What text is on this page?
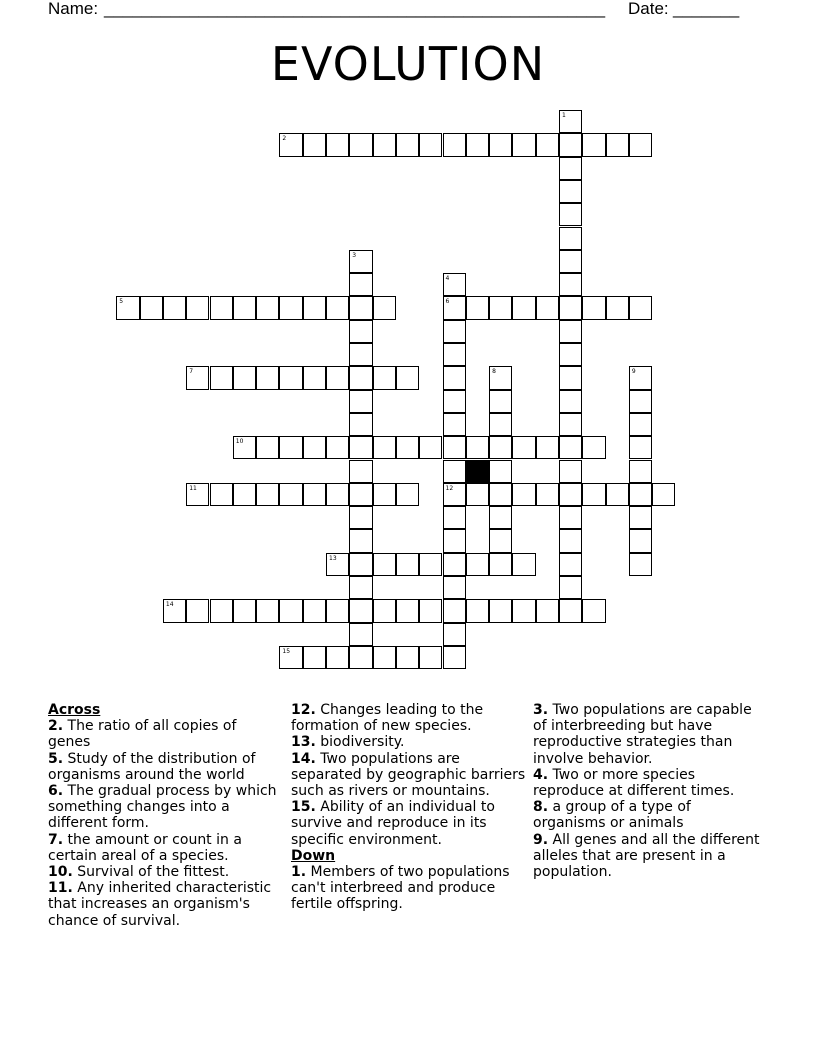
Name: _____________________________________________________ Date: _______
EVOLUTION
2
5	6
7
10
11	12
13
14
15
1
3
4
8	9
Across
2. The ratio of all copies of genes
5. Study of the distribution of organisms around the world
6. The gradual process by which something changes into a different form.
7. the amount or count in a certain areal of a species.
10. Survival of the fittest.
11. Any inherited characteristic that increases an organism's chance of survival.
12. Changes leading to the formation of new species.
13. biodiversity.
14. Two populations are separated by geographic barriers such as rivers or mountains.
15. Ability of an individual to survive and reproduce in its specific environment.
Down
1. Members of two populations can't interbreed and produce fertile offspring.
3. Two populations are capable of interbreeding but have reproductive strategies than involve behavior.
4. Two or more species reproduce at different times.
8. a group of a type of organisms or animals
9. All genes and all the different alleles that are present in a population.
